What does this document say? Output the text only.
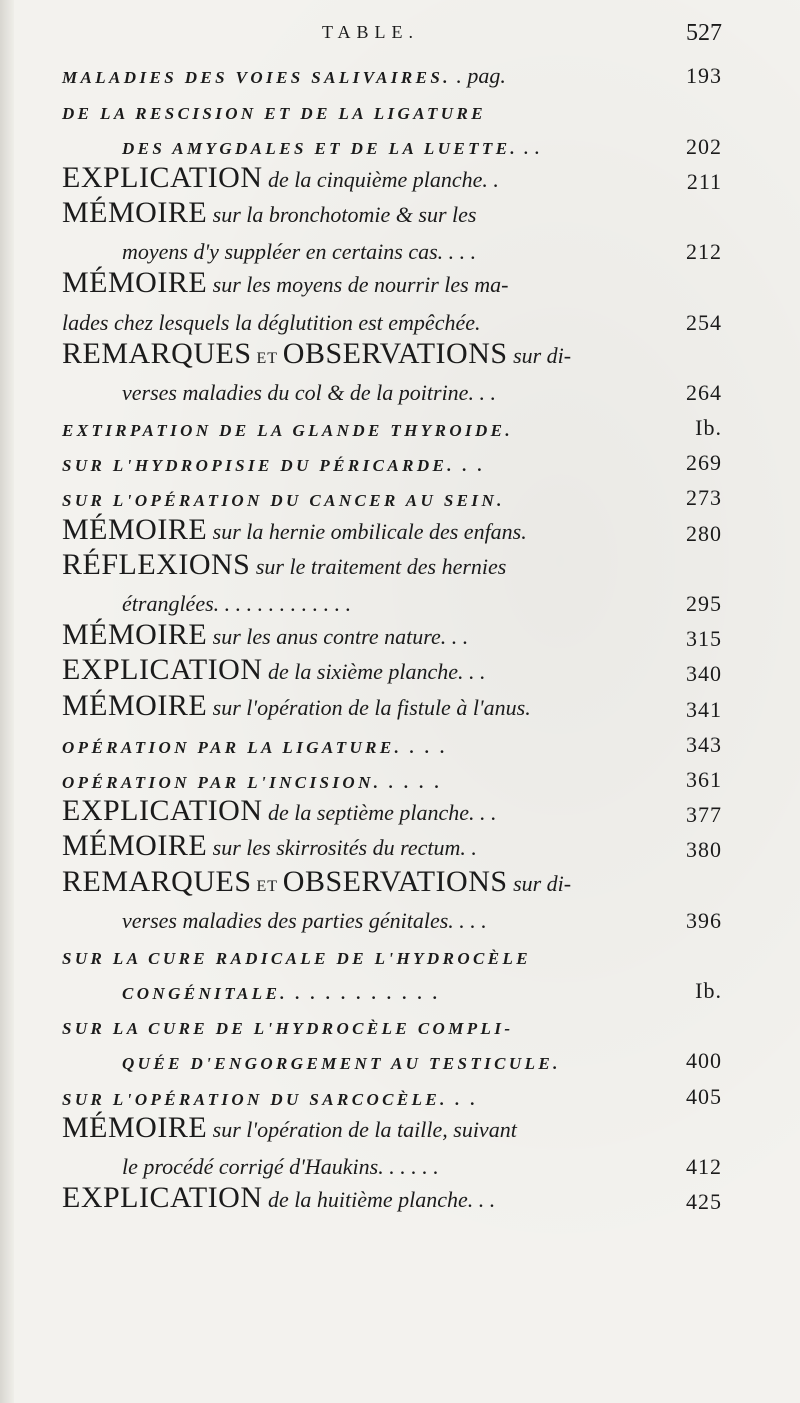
TABLE.	527
MALADIES DES VOIES SALIVAIRES. . pag.	193
DE LA RESCISION ET DE LA LIGATURE
DES AMYGDALES ET DE LA LUETTE. . .	202
EXPLICATION de la cinquième planche. .	211
MÉMOIRE sur la bronchotomie & sur les
moyens d'y suppléer en certains cas. . . .	212
MÉMOIRE sur les moyens de nourrir les ma-
lades chez lesquels la déglutition est empêchée.	254
REMARQUES ET OBSERVATIONS sur di-
verses maladies du col & de la poitrine. . .	264
EXTIRPATION DE LA GLANDE THYROIDE.	Ib.
SUR L'HYDROPISIE DU PÉRICARDE. . .	269
SUR L'OPÉRATION DU CANCER AU SEIN.	273
MÉMOIRE sur la hernie ombilicale des enfans.	280
RÉFLEXIONS sur le traitement des hernies
étranglées. . . . . . . . . . . . .	295
MÉMOIRE sur les anus contre nature. . .	315
EXPLICATION de la sixième planche. . .	340
MÉMOIRE sur l'opération de la fistule à l'anus.	341
OPÉRATION PAR LA LIGATURE. . . .	343
OPÉRATION PAR L'INCISION. . . . .	361
EXPLICATION de la septième planche. . .	377
MÉMOIRE sur les skirrosités du rectum. .	380
REMARQUES ET OBSERVATIONS sur di-
verses maladies des parties génitales. . . .	396
SUR LA CURE RADICALE DE L'HYDROCÈLE
CONGÉNITALE. . . . . . . . . . .	Ib.
SUR LA CURE DE L'HYDROCÈLE COMPLI-
QUÉE D'ENGORGEMENT AU TESTICULE.	400
SUR L'OPÉRATION DU SARCOCÈLE. . .	405
MÉMOIRE sur l'opération de la taille, suivant
le procédé corrigé d'Haukins. . . . . .	412
EXPLICATION de la huitième planche. . .	425
